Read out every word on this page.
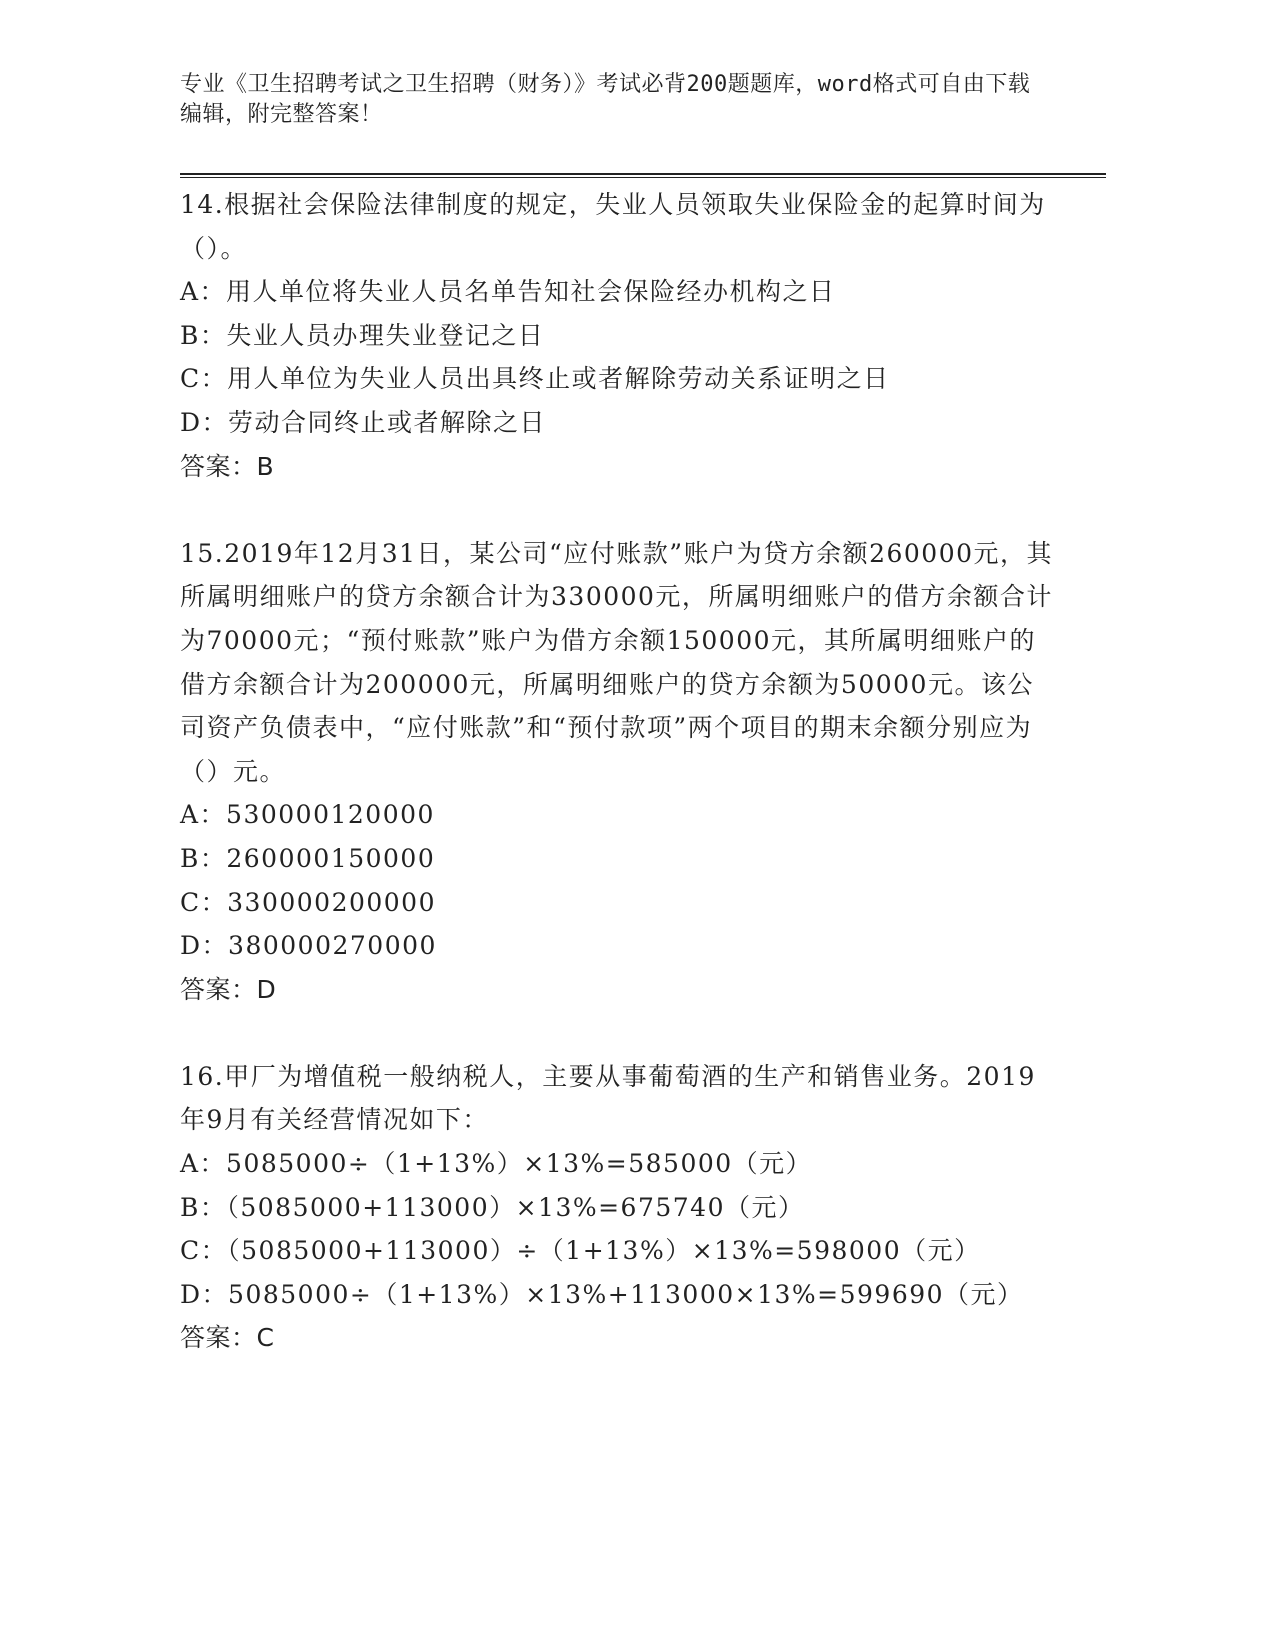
专业《卫生招聘考试之卫生招聘（财务）》考试必背200题题库，word格式可自由下载编辑，附完整答案！

14.根据社会保险法律制度的规定，失业人员领取失业保险金的起算时间为（）。

A：用人单位将失业人员名单告知社会保险经办机构之日

B：失业人员办理失业登记之日

C：用人单位为失业人员出具终止或者解除劳动关系证明之日

D：劳动合同终止或者解除之日

答案：B

15.2019年12月31日，某公司“应付账款”账户为贷方余额260000元，其所属明细账户的贷方余额合计为330000元，所属明细账户的借方余额合计为70000元；“预付账款”账户为借方余额150000元，其所属明细账户的借方余额合计为200000元，所属明细账户的贷方余额为50000元。该公司资产负债表中，“应付账款”和“预付款项”两个项目的期末余额分别应为（）元。

A：530000120000

B：260000150000

C：330000200000

D：380000270000

答案：D

16.甲厂为增值税一般纳税人，主要从事葡萄酒的生产和销售业务。2019年9月有关经营情况如下：

A：5085000÷（1+13%）×13%=585000（元）

B：（5085000+113000）×13%=675740（元）

C：（5085000+113000）÷（1+13%）×13%=598000（元）

D：5085000÷（1+13%）×13%+113000×13%=599690（元）

答案：C
